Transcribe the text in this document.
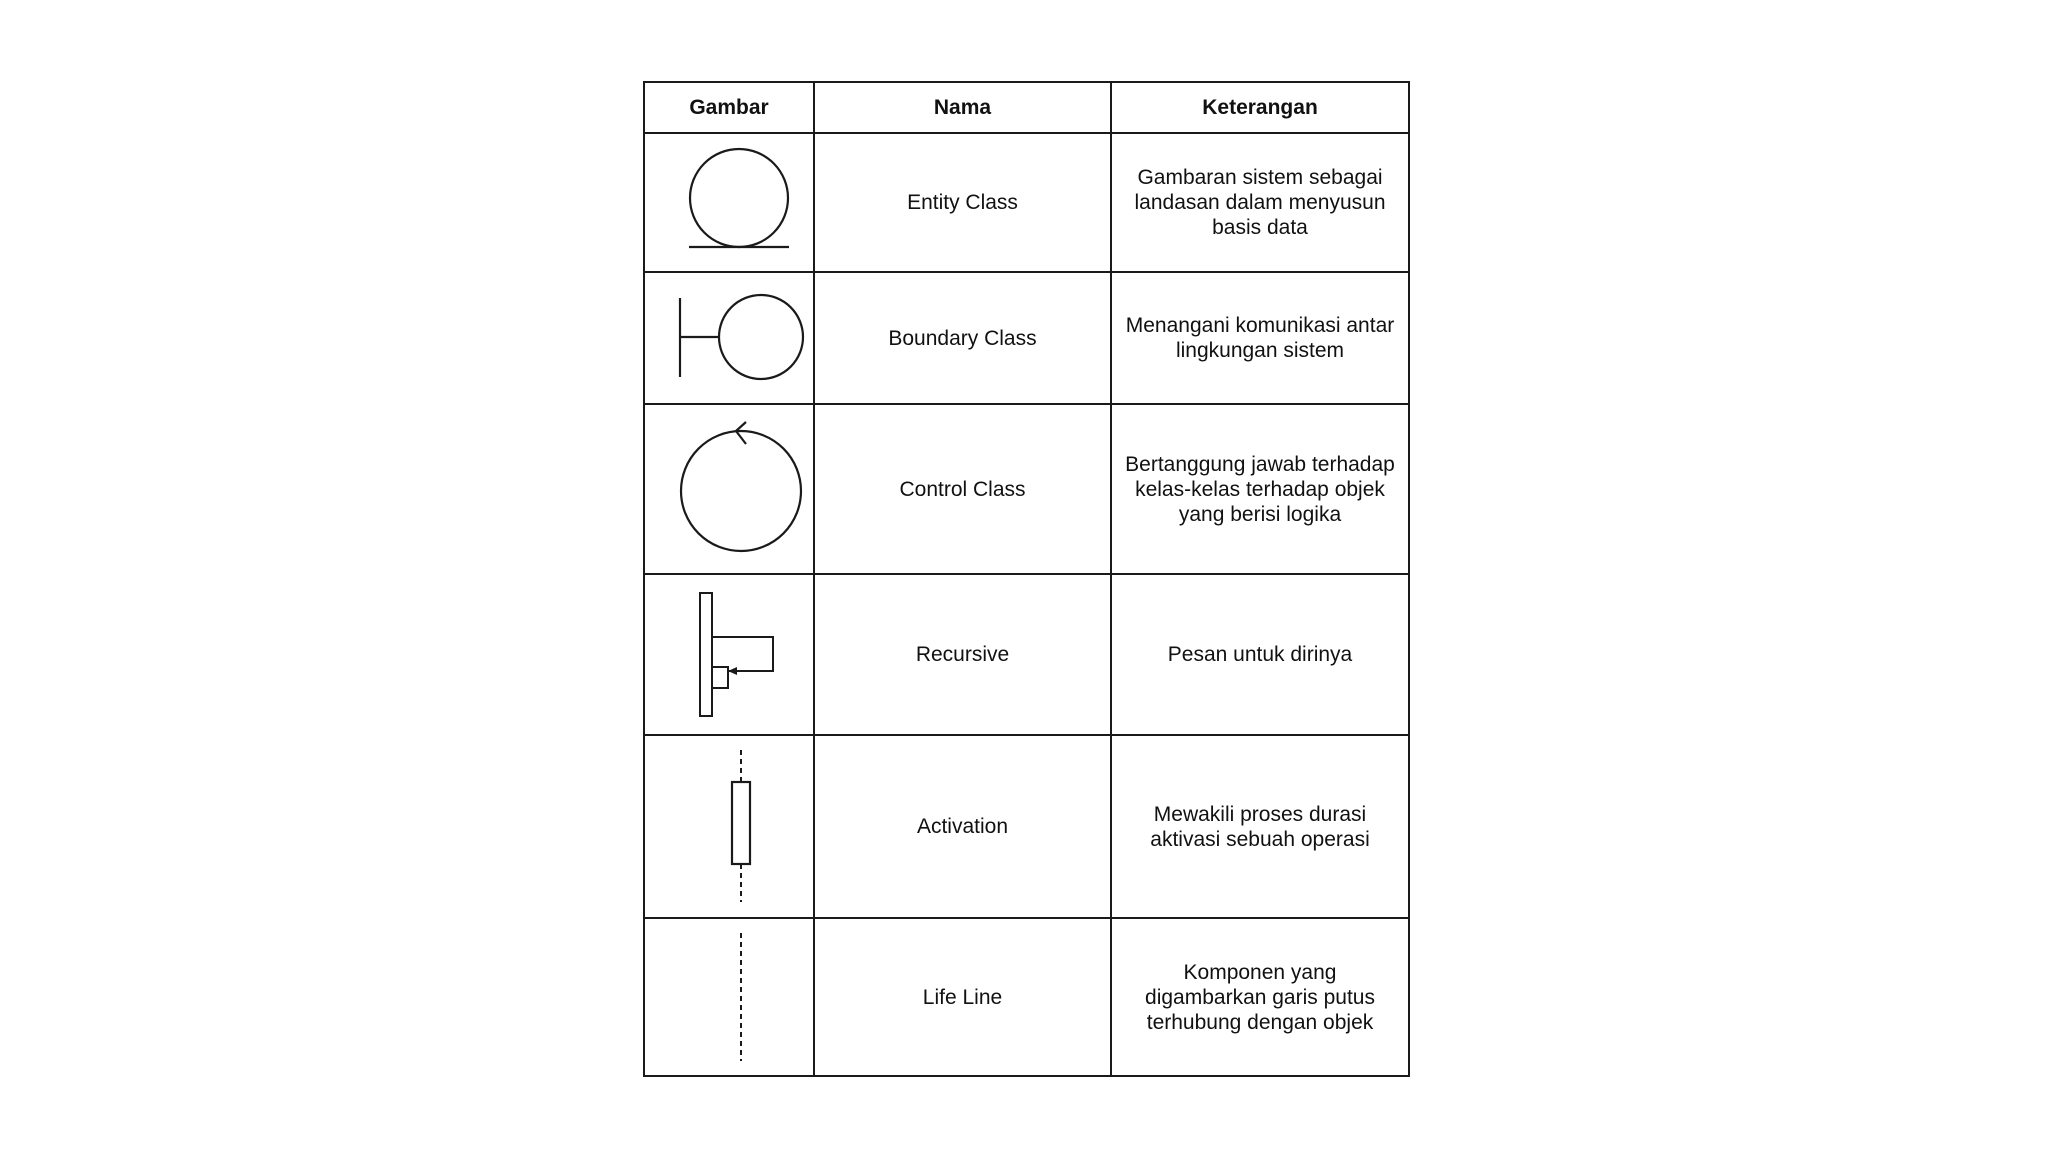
Gambar	Nama	Keterangan

	Entity Class	Gambaran sistem sebagai landasan dalam menyusun basis data

	Boundary Class	Menangani komunikasi antar lingkungan sistem

	Control Class	Bertanggung jawab terhadap kelas-kelas terhadap objek yang berisi logika

	Recursive	Pesan untuk dirinya

	Activation	Mewakili proses durasi aktivasi sebuah operasi

	Life Line	Komponen yang digambarkan garis putus terhubung dengan objek
